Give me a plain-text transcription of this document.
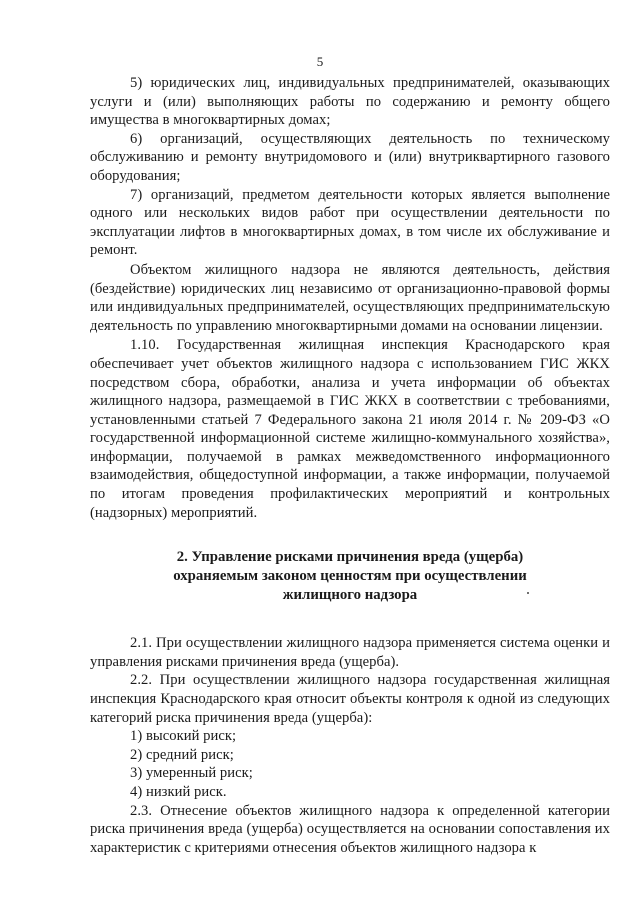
5

5) юридических лиц, индивидуальных предпринимателей, оказывающих услуги и (или) выполняющих работы по содержанию и ремонту общего имущества в многоквартирных домах;

6) организаций, осуществляющих деятельность по техническому обслуживанию и ремонту внутридомового и (или) внутриквартирного газового оборудования;

7) организаций, предметом деятельности которых является выполнение одного или нескольких видов работ при осуществлении деятельности по эксплуатации лифтов в многоквартирных домах, в том числе их обслуживание и ремонт.

Объектом жилищного надзора не являются деятельность, действия (бездействие) юридических лиц независимо от организационно-правовой формы или индивидуальных предпринимателей, осуществляющих предпринимательскую деятельность по управлению многоквартирными домами на основании лицензии.

1.10. Государственная жилищная инспекция Краснодарского края обеспечивает учет объектов жилищного надзора с использованием ГИС ЖКХ посредством сбора, обработки, анализа и учета информации об объектах жилищного надзора, размещаемой в ГИС ЖКХ в соответствии с требованиями, установленными статьей 7 Федерального закона 21 июля 2014 г. № 209-ФЗ «О государственной информационной системе жилищно-коммунального хозяйства», информации, получаемой в рамках межведомственного информационного взаимодействия, общедоступной информации, а также информации, получаемой по итогам проведения профилактических мероприятий и контрольных (надзорных) мероприятий.

2. Управление рисками причинения вреда (ущерба)
охраняемым законом ценностям при осуществлении
жилищного надзора

2.1. При осуществлении жилищного надзора применяется система оценки и управления рисками причинения вреда (ущерба).

2.2. При осуществлении жилищного надзора государственная жилищная инспекция Краснодарского края относит объекты контроля к одной из следующих категорий риска причинения вреда (ущерба):

1) высокий риск;

2) средний риск;

3) умеренный риск;

4) низкий риск.

2.3. Отнесение объектов жилищного надзора к определенной категории риска причинения вреда (ущерба) осуществляется на основании сопоставления их характеристик с критериями отнесения объектов жилищного надзора к
